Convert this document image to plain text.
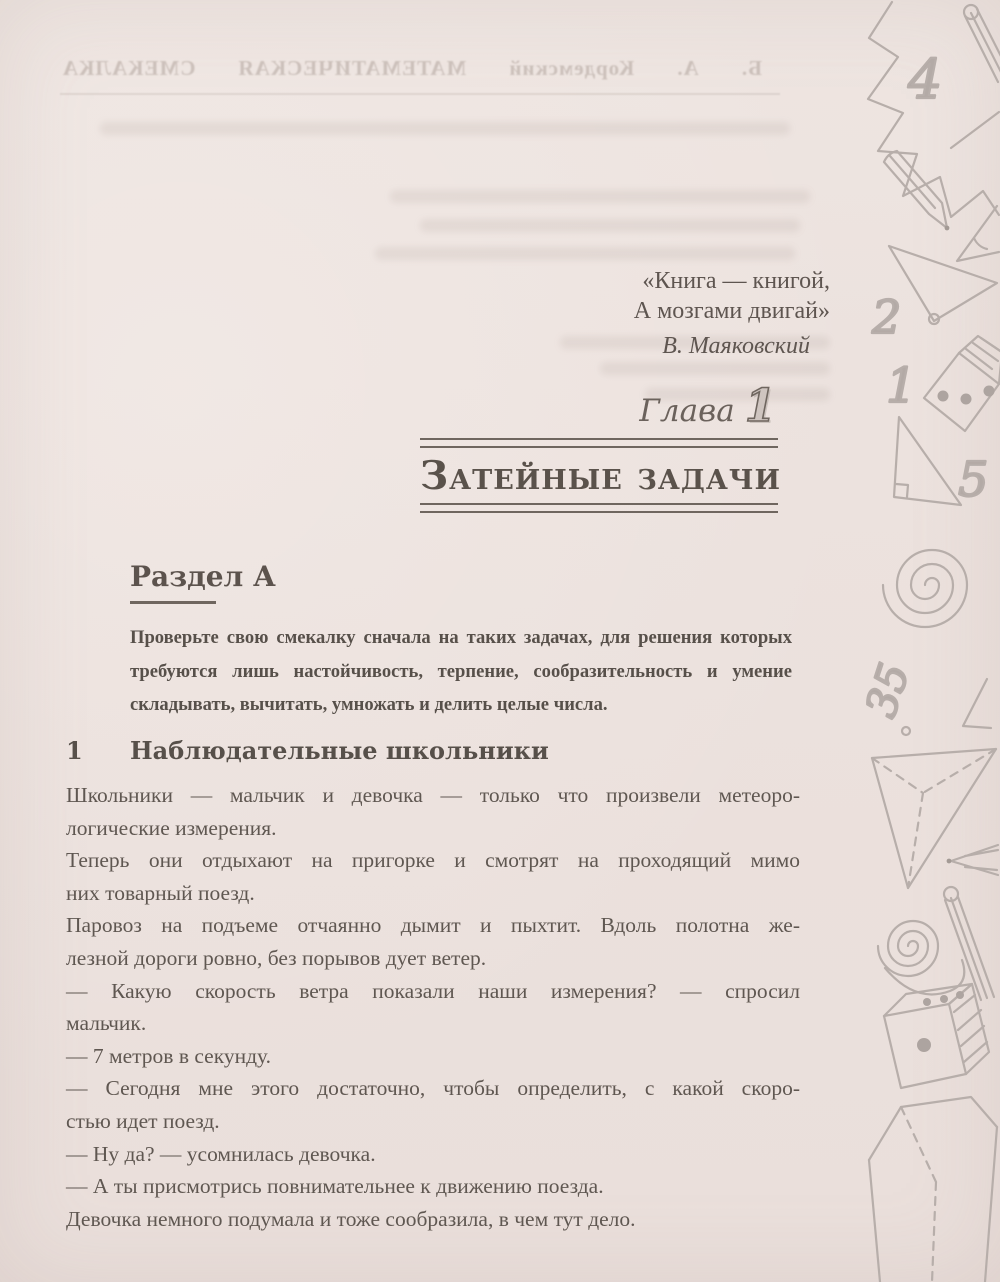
Б. А. Кордемский МАТЕМАТИЧЕСКАЯ СМЕКАЛКА
«Книга — книгой,
А мозгами двигай»
В. Маяковский
Глава 1
Затейные задачи
Раздел А
Проверьте свою смекалку сначала на таких задачах, для решения которых
требуются лишь настойчивость, терпение, сообразительность и умение
складывать, вычитать, умножать и делить целые числа.
1	Наблюдательные школьники
Школьники — мальчик и девочка — только что произвели метеоро-
логические измерения.
Теперь они отдыхают на пригорке и смотрят на проходящий мимо
них товарный поезд.
Паровоз на подъеме отчаянно дымит и пыхтит. Вдоль полотна же-
лезной дороги ровно, без порывов дует ветер.
— Какую скорость ветра показали наши измерения? — спросил
мальчик.
— 7 метров в секунду.
— Сегодня мне этого достаточно, чтобы определить, с какой скоро-
стью идет поезд.
— Ну да? — усомнилась девочка.
— А ты присмотрись повнимательнее к движению поезда.
Девочка немного подумала и тоже сообразила, в чем тут дело.
4
2
1
5
35
